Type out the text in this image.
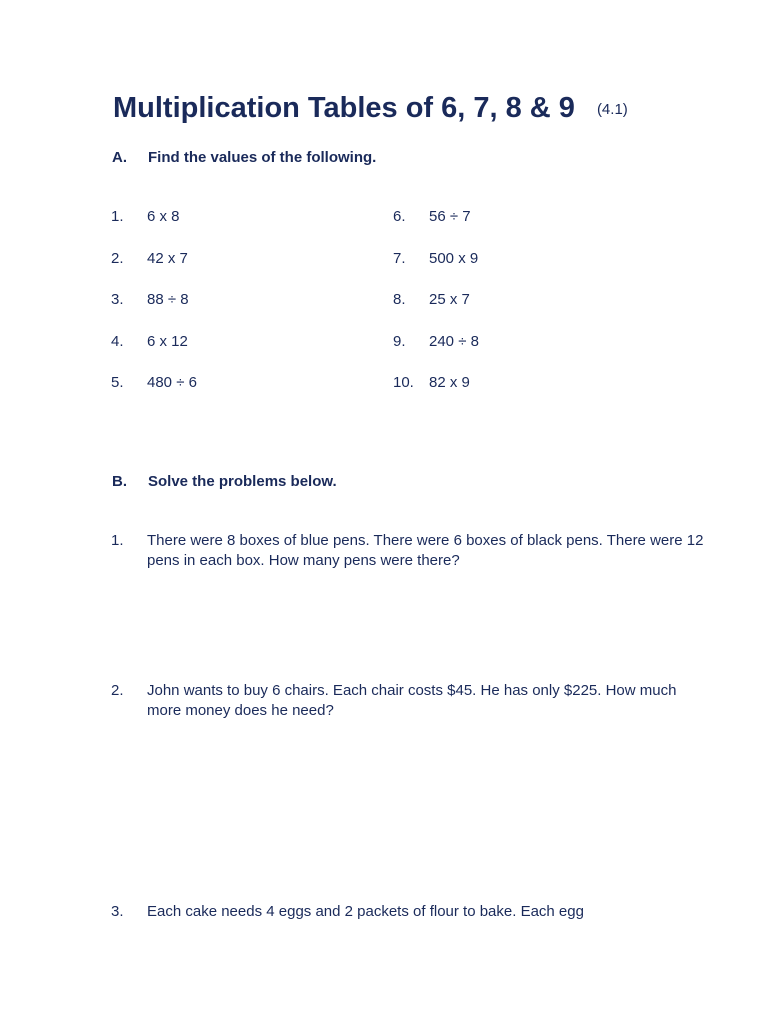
Multiplication Tables of 6, 7, 8 & 9 (4.1)
A. Find the values of the following.
1. 6 x 8
2. 42 x 7
3. 88 ÷ 8
4. 6 x 12
5. 480 ÷ 6
6. 56 ÷ 7
7. 500 x 9
8. 25 x 7
9. 240 ÷ 8
10. 82 x 9
B. Solve the problems below.
1.	There were 8 boxes of blue pens. There were 6 boxes of black pens. There were 12 pens in each box. How many pens were there?
2.	John wants to buy 6 chairs. Each chair costs $45. He has only $225. How much more money does he need?
3.	Each cake needs 4 eggs and 2 packets of flour to bake. Each egg
